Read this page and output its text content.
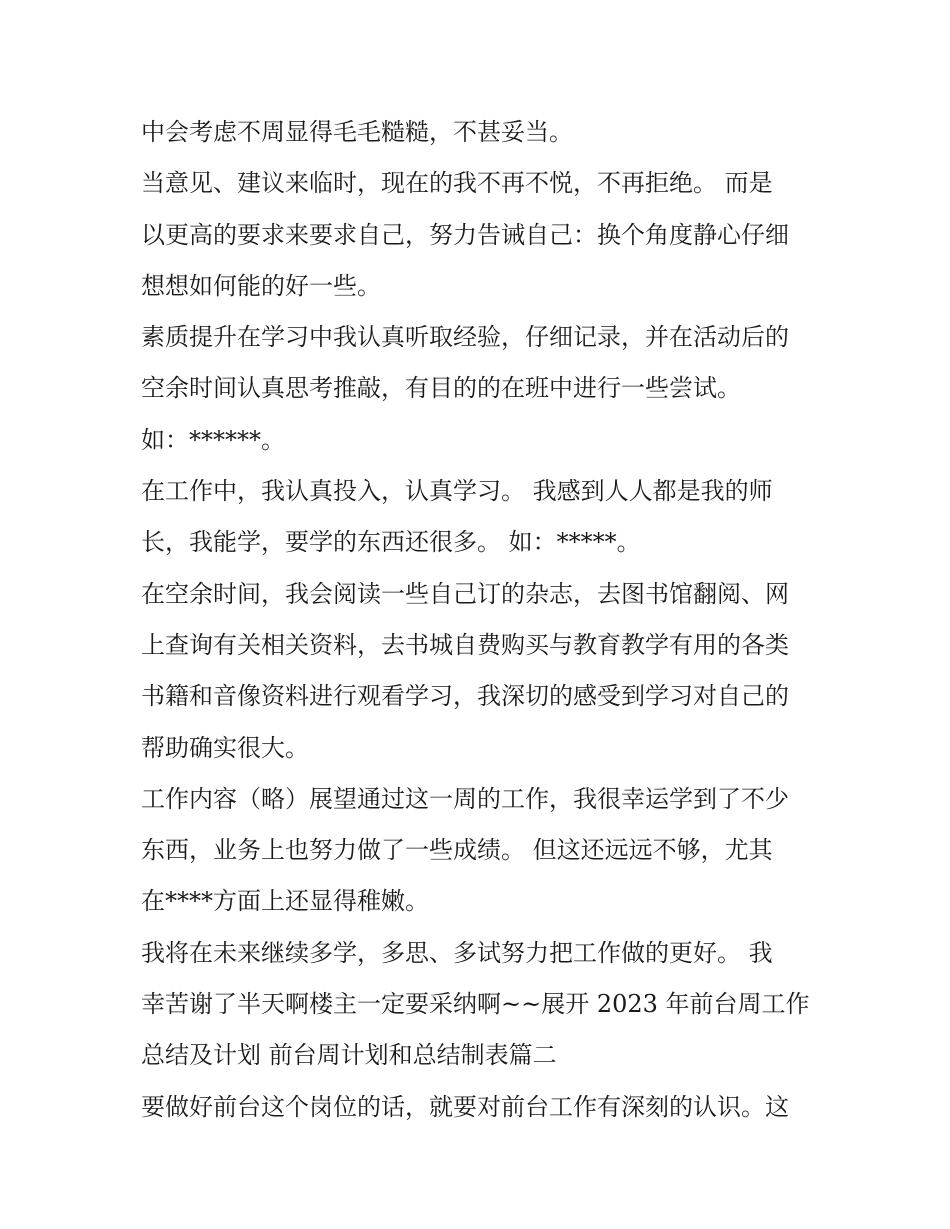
中会考虑不周显得毛毛糙糙，不甚妥当。
当意见、建议来临时，现在的我不再不悦，不再拒绝。 而是
以更高的要求来要求自己，努力告诫自己：换个角度静心仔细
想想如何能的好一些。
素质提升在学习中我认真听取经验，仔细记录，并在活动后的
空余时间认真思考推敲，有目的的在班中进行一些尝试。
如：******。
在工作中，我认真投入，认真学习。 我感到人人都是我的师
长，我能学，要学的东西还很多。 如：*****。
在空余时间，我会阅读一些自己订的杂志，去图书馆翻阅、网
上查询有关相关资料，去书城自费购买与教育教学有用的各类
书籍和音像资料进行观看学习，我深切的感受到学习对自己的
帮助确实很大。
工作内容（略）展望通过这一周的工作，我很幸运学到了不少
东西，业务上也努力做了一些成绩。 但这还远远不够，尤其
在****方面上还显得稚嫩。
我将在未来继续多学，多思、多试努力把工作做的更好。 我
幸苦谢了半天啊楼主一定要采纳啊~~展开 2023 年前台周工作
总结及计划 前台周计划和总结制表篇二
要做好前台这个岗位的话，就要对前台工作有深刻的认识。这
